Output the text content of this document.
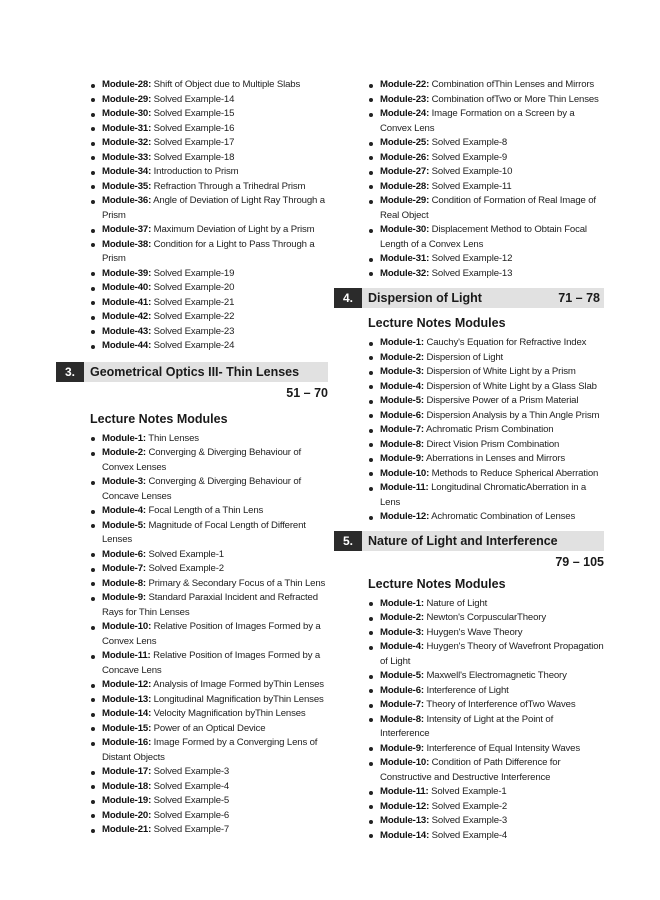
Module-28: Shift of Object due to Multiple Slabs
Module-29: Solved Example-14
Module-30: Solved Example-15
Module-31: Solved Example-16
Module-32: Solved Example-17
Module-33: Solved Example-18
Module-34: Introduction to Prism
Module-35: Refraction Through a Trihedral Prism
Module-36: Angle of Deviation of Light Ray Through a Prism
Module-37: Maximum Deviation of Light by a Prism
Module-38: Condition for a Light to Pass Through a Prism
Module-39: Solved Example-19
Module-40: Solved Example-20
Module-41: Solved Example-21
Module-42: Solved Example-22
Module-43: Solved Example-23
Module-44: Solved Example-24
3.	Geometrical Optics III- Thin Lenses
51 – 70
Lecture Notes Modules
Module-1: Thin Lenses
Module-2: Converging & Diverging Behaviour of Convex Lenses
Module-3: Converging & Diverging Behaviour of Concave Lenses
Module-4: Focal Length of a Thin Lens
Module-5: Magnitude of Focal Length of Different Lenses
Module-6: Solved Example-1
Module-7: Solved Example-2
Module-8: Primary & Secondary Focus of a Thin Lens
Module-9: Standard Paraxial Incident and Refracted Rays for Thin Lenses
Module-10: Relative Position of Images Formed by a Convex Lens
Module-11: Relative Position of Images Formed by a Concave Lens
Module-12: Analysis of Image Formed byThin Lenses
Module-13: Longitudinal Magnification byThin Lenses
Module-14: Velocity Magnification byThin Lenses
Module-15: Power of an Optical Device
Module-16: Image Formed by a Converging Lens of Distant Objects
Module-17: Solved Example-3
Module-18: Solved Example-4
Module-19: Solved Example-5
Module-20: Solved Example-6
Module-21: Solved Example-7
Module-22: Combination ofThin Lenses and Mirrors
Module-23: Combination ofTwo or More Thin Lenses
Module-24: Image Formation on a Screen by a Convex Lens
Module-25: Solved Example-8
Module-26: Solved Example-9
Module-27: Solved Example-10
Module-28: Solved Example-11
Module-29: Condition of Formation of Real Image of Real Object
Module-30: Displacement Method to Obtain Focal Length of a Convex Lens
Module-31: Solved Example-12
Module-32: Solved Example-13
4.	Dispersion of Light	71 – 78
Lecture Notes Modules
Module-1: Cauchy's Equation for Refractive Index
Module-2: Dispersion of Light
Module-3: Dispersion of White Light by a Prism
Module-4: Dispersion of White Light by a Glass Slab
Module-5: Dispersive Power of a Prism Material
Module-6: Dispersion Analysis by a Thin Angle Prism
Module-7: Achromatic Prism Combination
Module-8: Direct Vision Prism Combination
Module-9: Aberrations in Lenses and Mirrors
Module-10: Methods to Reduce Spherical Aberration
Module-11: Longitudinal ChromaticAberration in a Lens
Module-12: Achromatic Combination of Lenses
5.	Nature of Light and Interference
79 – 105
Lecture Notes Modules
Module-1: Nature of Light
Module-2: Newton's CorpuscularTheory
Module-3: Huygen's Wave Theory
Module-4: Huygen's Theory of Wavefront Propagation of Light
Module-5: Maxwell's Electromagnetic Theory
Module-6: Interference of Light
Module-7: Theory of Interference ofTwo Waves
Module-8: Intensity of Light at the Point of Interference
Module-9: Interference of Equal Intensity Waves
Module-10: Condition of Path Difference for Constructive and Destructive Interference
Module-11: Solved Example-1
Module-12: Solved Example-2
Module-13: Solved Example-3
Module-14: Solved Example-4
